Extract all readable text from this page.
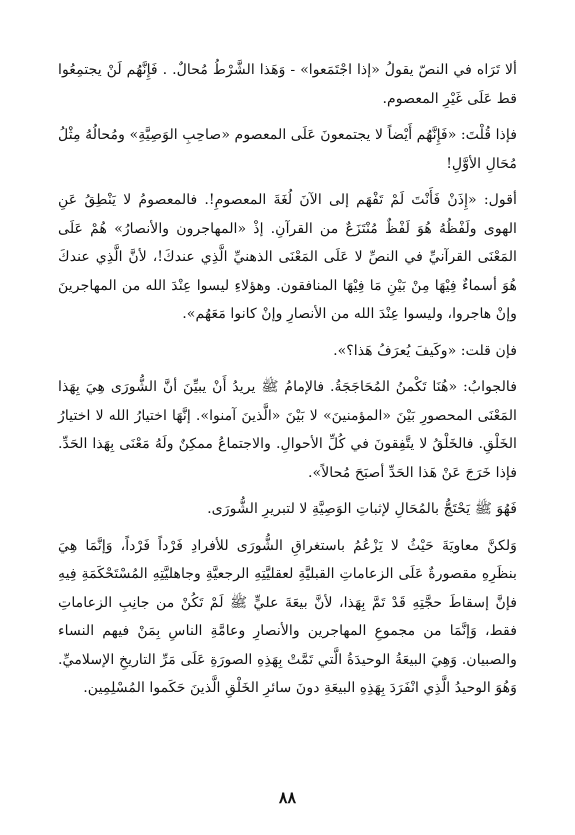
ألا تَرَاه في النصّ يقولُ «إذا اجْتَمَعوا» - وَهَذا الشَّرْطُ مُحالٌ. . فَإِنَّهُم لَنْ يجتمِعُوا قط عَلَى غَيْرِ المعصوم.

فإذا قُلْتَ: «فَإِنَّهُم أَيْضاً لا يجتمعونَ عَلَى المعصوم «صاحِبِ الوَصِيَّةِ» ومُحالُهُ مِثْلُ مُحَالِ الأوَّلِ!

أقول: «إِذَنْ فَأَنْتَ لَمْ تَفْهَم إلى الآنَ لُغَةَ المعصومِ!. فالمعصومُ لا يَنْطِقُ عَنِ الهوى ولَفْظُهُ هُوَ لَفْظٌ مُنْتَزَعٌ من القرآنِ. إذْ «المهاجرون والأنصارُ» هُمْ عَلَى المَعْنَى القرآنيِّ في النصِّ لا عَلَى المَعْنَى الذهنيِّ الَّذِي عندكَ!، لأنَّ الَّذِي عندكَ هُوَ أسماءٌ فِيْهَا مِنْ بَيْنِ مَا فِيْهَا المنافقون. وهؤلاءِ ليسوا عِنْدَ الله من المهاجرينَ وإنْ هاجروا، وليسوا عِنْدَ الله من الأنصارِ وإنْ كانوا مَعَهُم».

فإن قلت: «وكَيفَ يُعرَفُ هَذا؟».

فالجوابُ: «هُنَا تَكْمنُ المُحَاجَجَةُ. فالإمامُ ﷺ يريدُ أَنْ يبيِّنَ أنَّ الشُّورَى هِيَ بِهَذا المَعْنَى المحصورِ بَيْنَ «المؤمنينَ» لا بَيْنَ «الَّذينَ آمنوا». إنَّهَا اختيارُ الله لا اختيارُ الخَلْقِ. فالخَلْقُ لا يتَّفِقونَ في كُلِّ الأحوالِ. والاجتماعُ ممكِنٌ ولَهُ مَعْنَى بِهَذا الحَدِّ. فإذا خَرَجَ عَنْ هَذا الحَدِّ أصبَحَ مُحالاً».

فَهُوَ ﷺ يَحْتَجُّ بالمُحَالِ لإثباتِ الوَصِيَّةِ لا لتبريرِ الشُّورَى.

وَلكنَّ معاويَةَ حَيْثُ لا يَزْعُمُ باستغراقِ الشُّورَى للأفرادِ فَرْداً فَرْداً، وَإنَّمَا هِيَ بنظَرِهِ مقصورةٌ عَلَى الزعاماتِ القبليَّةِ لعقليَّتِهِ الرجعيَّةِ وجاهليَّتِهِ المُسْتَحْكَمَةِ فِيهِ فإنَّ إسقاطَ حجَّتِهِ قَدْ تَمَّ بِهَذا، لأنَّ بيعَةَ عليٍّ ﷺ لَمْ تَكُنْ من جانِبِ الزعاماتِ فقط، وَإنَّمَا من مجموعِ المهاجرين والأنصارِ وعامَّةِ الناسِ بِمَنْ فيهم النساء والصبيان. وَهِيَ البيعَةُ الوحيدَةُ الَّتي تَمَّتْ بِهَذِهِ الصورَةِ عَلَى مَرِّ التاريخِ الإسلاميِّ. وَهُوَ الوحيدُ الَّذِي انْفَرَدَ بِهَذِهِ البيعَةِ دونَ سائرِ الخَلْقِ الَّذينَ حَكَموا المُسْلِمِين.

٨٨
